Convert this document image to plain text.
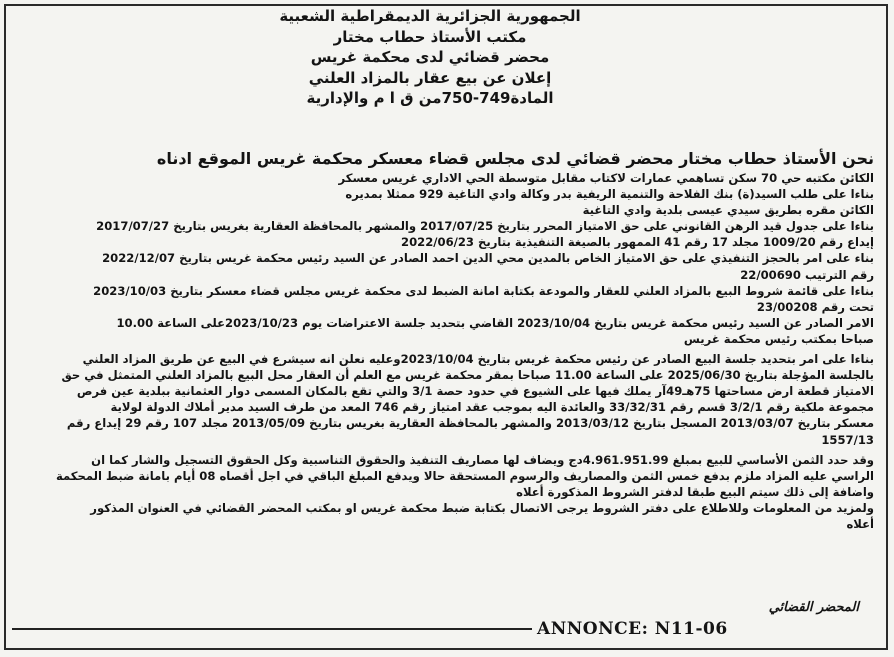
الجمهورية الجزائرية الديمقراطية الشعبية
مكتب الأستاذ حطاب مختار
محضر قضائي لدى محكمة غريس
إعلان عن بيع عقار بالمزاد العلني
المادة749-750من ق ا م والإدارية
نحن الأستاذ حطاب مختار محضر قضائي لدى مجلس قضاء معسكر محكمة غريس الموقع ادناه
الكائن مكتبه حي 70 سكن تساهمي عمارات لاكتاب مقابل متوسطة الحي الاداري غريس معسكر
بناءا على طلب السيد(ة) بنك الفلاحة والتنمية الريفية بدر وكالة وادي التاغية 929 ممثلا بمديره
الكائن مقره بطريق سيدي عيسى بلدية وادي التاغية
بناءا على جدول قيد الرهن القانوني على حق الامتياز المحرر بتاريخ 2017/07/25 والمشهر بالمحافظة العقارية بغريس بتاريخ 2017/07/27
إيداع رقم 1009/20 مجلد 17 رقم 41 الممهور بالصيغة التنفيذية بتاريخ 2022/06/23
بناء على امر بالحجز التنفيذي على حق الامتياز الخاص بالمدين محي الدين احمد الصادر عن السيد رئيس محكمة غريس بتاريخ 2022/12/07
رقم الترتيب 22/00690
بناءا على قائمة شروط البيع بالمزاد العلني للعقار والمودعة بكتابة امانة الضبط لدى محكمة غريس مجلس قضاء معسكر بتاريخ 2023/10/03
تحت رقم 23/00208
الامر الصادر عن السيد رئيس محكمة غريس بتاريخ 2023/10/04 القاضي بتحديد جلسة الاعتراضات يوم 2023/10/23على الساعة 10.00
صباحا بمكتب رئيس محكمة غريس
بناءا على امر بتحديد جلسة البيع الصادر عن رئيس محكمة غريس بتاريخ 2023/10/04وعليه نعلن انه سيشرع في البيع عن طريق المزاد العلني
بالجلسة المؤجلة بتاريخ 2025/06/30 على الساعة 11.00 صباحا بمقر محكمة غريس مع العلم أن العقار محل البيع بالمزاد العلني المتمثل في حق
الامتياز قطعة ارض مساحتها 75هـ49آر يملك فيها على الشيوع في حدود حصة 3/1 والتي تقع بالمكان المسمى دوار العثمانية ببلدية عين فرص
مجموعة ملكية رقم 3/2/1 قسم رقم 33/32/31 والعائدة اليه بموجب عقد امتياز رقم 746 المعد من طرف السيد مدير أملاك الدولة لولاية
معسكر بتاريخ 2013/03/07 المسجل بتاريخ 2013/03/12 والمشهر بالمحافظة العقارية بغريس بتاريخ 2013/05/09 مجلد 107 رقم 29 إيداع رقم
1557/13
وقد حدد الثمن الأساسي للبيع بمبلغ 4.961.951.99دج ويضاف لها مصاريف التنفيذ والحقوق التناسبية وكل الحقوق التسجيل والشار كما ان
الراسي عليه المزاد ملزم بدفع خمس الثمن والمصاريف والرسوم المستحقة حالا ويدفع المبلغ الباقي في اجل أقصاه 08 أيام بامانة ضبط المحكمة
واضافة إلى ذلك سيتم البيع طبقا لدفتر الشروط المذكورة أعلاه
ولمزيد من المعلومات وللاطلاع على دفتر الشروط يرجى الاتصال بكتابة ضبط محكمة غريس او بمكتب المحضر القضائي في العنوان المذكور
أعلاه
المحضر القضائي
ANNONCE: N11-06
